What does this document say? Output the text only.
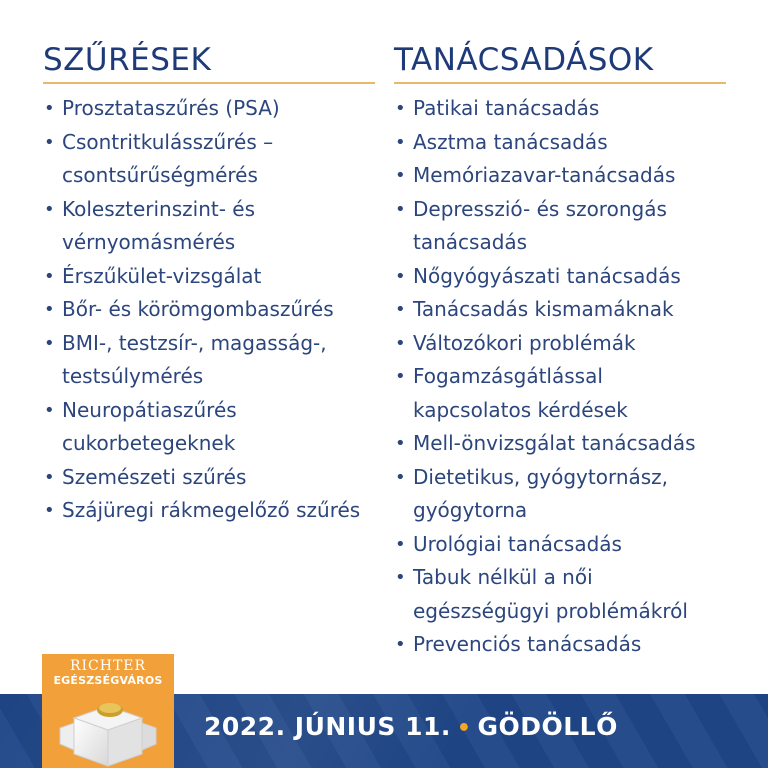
SZŰRÉSEK
• Prosztataszűrés (PSA)
• Csontritkulásszűrés – csontsűrűségmérés
• Koleszterinszint- és vérnyomásmérés
• Érszűkület-vizsgálat
• Bőr- és körömgombaszűrés
• BMI-, testzsír-, magasság-, testsúlymérés
• Neuropátiaszűrés cukorbetegeknek
• Szemészeti szűrés
• Szájüregi rákmegelőző szűrés
TANÁCSADÁSOK
• Patikai tanácsadás
• Asztma tanácsadás
• Memóriazavar-tanácsadás
• Depresszió- és szorongás tanácsadás
• Nőgyógyászati tanácsadás
• Tanácsadás kismamáknak
• Változókori problémák
• Fogamzásgátlással kapcsolatos kérdések
• Mell-önvizsgálat tanácsadás
• Dietetikus, gyógytornász, gyógytorna
• Urológiai tanácsadás
• Tabuk nélkül a női egészségügyi problémákról
• Prevenciós tanácsadás
2022. JÚNIUS 11. • GÖDÖLLŐ
RICHTER
EGÉSZSÉGVÁROS
